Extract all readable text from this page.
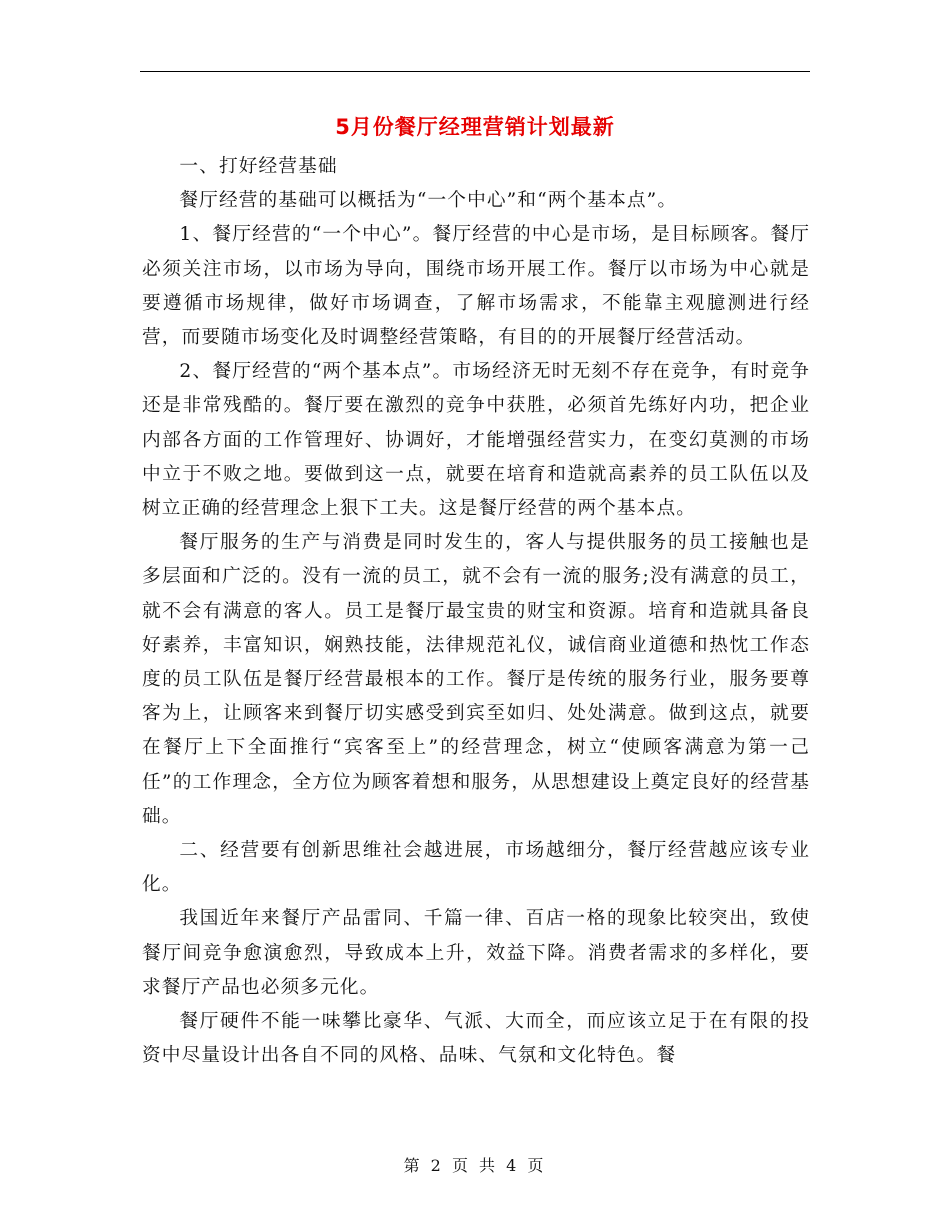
5月份餐厅经理营销计划最新

一、打好经营基础

餐厅经营的基础可以概括为“一个中心”和“两个基本点”。

1、餐厅经营的“一个中心”。餐厅经营的中心是市场，是目标顾客。餐厅必须关注市场，以市场为导向，围绕市场开展工作。餐厅以市场为中心就是要遵循市场规律，做好市场调查，了解市场需求，不能靠主观臆测进行经营，而要随市场变化及时调整经营策略，有目的的开展餐厅经营活动。

2、餐厅经营的“两个基本点”。市场经济无时无刻不存在竞争，有时竞争还是非常残酷的。餐厅要在激烈的竞争中获胜，必须首先练好内功，把企业内部各方面的工作管理好、协调好，才能增强经营实力，在变幻莫测的市场中立于不败之地。要做到这一点，就要在培育和造就高素养的员工队伍以及树立正确的经营理念上狠下工夫。这是餐厅经营的两个基本点。

餐厅服务的生产与消费是同时发生的，客人与提供服务的员工接触也是多层面和广泛的。没有一流的员工，就不会有一流的服务;没有满意的员工，就不会有满意的客人。员工是餐厅最宝贵的财宝和资源。培育和造就具备良好素养，丰富知识，娴熟技能，法律规范礼仪，诚信商业道德和热忱工作态度的员工队伍是餐厅经营最根本的工作。餐厅是传统的服务行业，服务要尊客为上，让顾客来到餐厅切实感受到宾至如归、处处满意。做到这点，就要在餐厅上下全面推行“宾客至上”的经营理念，树立“使顾客满意为第一己任”的工作理念，全方位为顾客着想和服务，从思想建设上奠定良好的经营基础。

二、经营要有创新思维社会越进展，市场越细分，餐厅经营越应该专业化。

我国近年来餐厅产品雷同、千篇一律、百店一格的现象比较突出，致使餐厅间竞争愈演愈烈，导致成本上升，效益下降。消费者需求的多样化，要求餐厅产品也必须多元化。

餐厅硬件不能一味攀比豪华、气派、大而全，而应该立足于在有限的投资中尽量设计出各自不同的风格、品味、气氛和文化特色。餐

第 2 页 共 4 页
